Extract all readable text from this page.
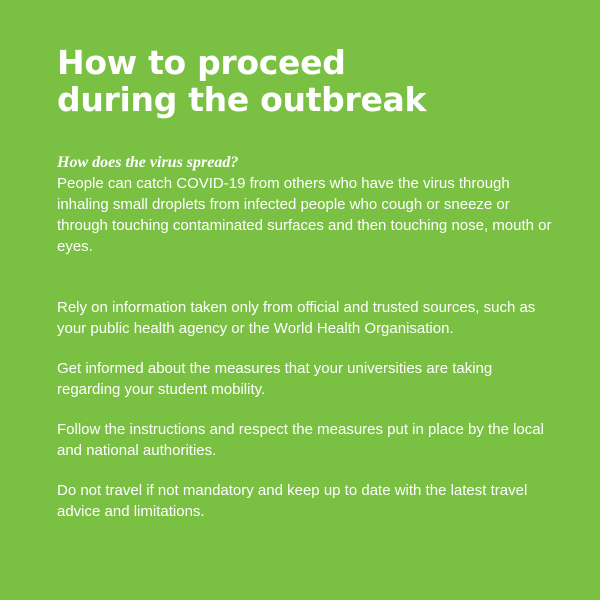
How to proceed during the outbreak

How does the virus spread?

People can catch COVID-19 from others who have the virus through inhaling small droplets from infected people who cough or sneeze or through touching contaminated surfaces and then touching nose, mouth or eyes.

Rely on information taken only from official and trusted sources, such as your public health agency or the World Health Organisation.

Get informed about the measures that your universities are taking regarding your student mobility.

Follow the instructions and respect the measures put in place by the local and national authorities.

Do not travel if not mandatory and keep up to date with the latest travel advice and limitations.
